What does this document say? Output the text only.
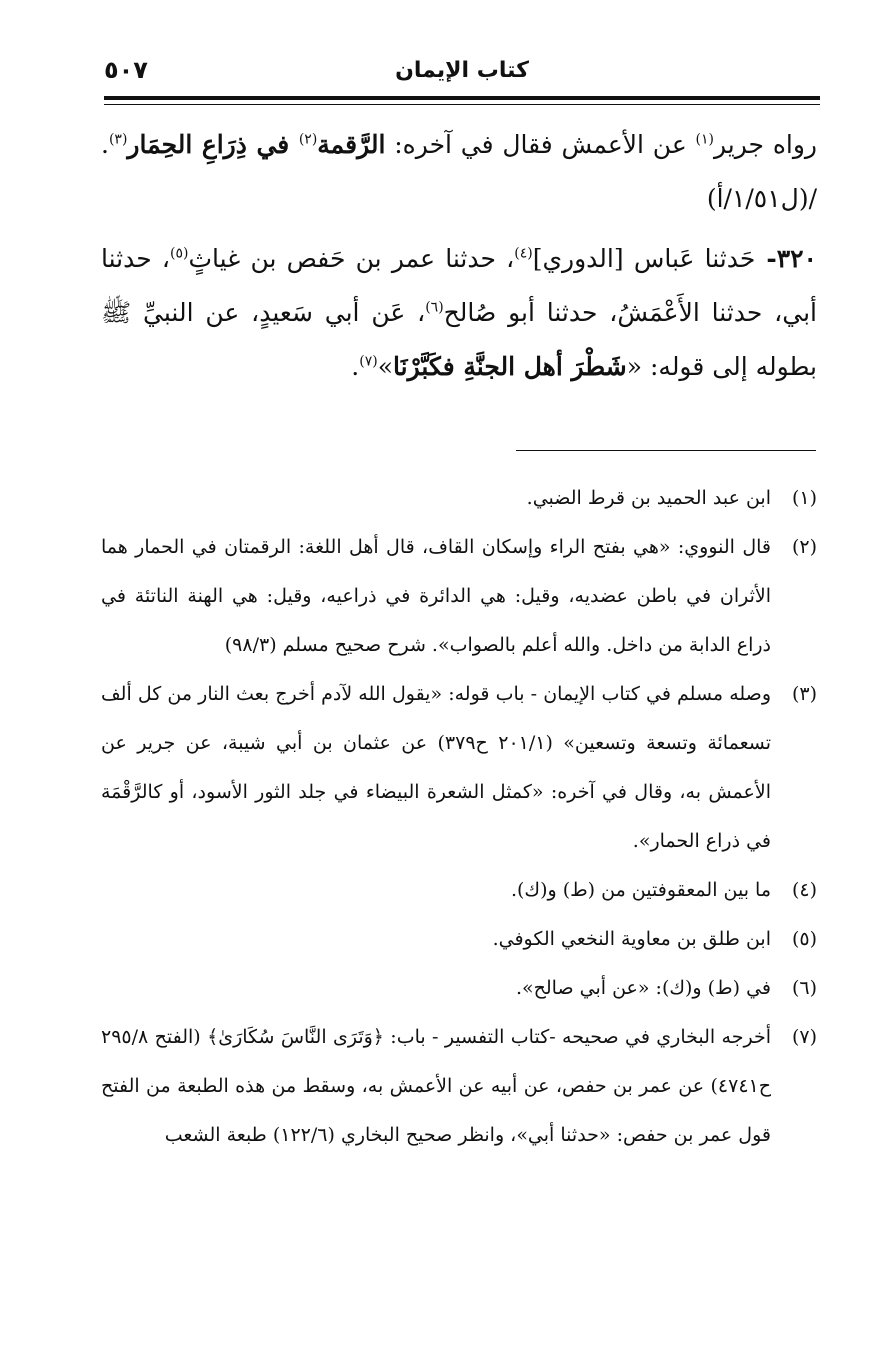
كتاب الإيمان
٥٠٧

رواه جرير$^{(١)}$ عن الأعمش فقال في آخره: الرَّقمة$^{(٢)}$ في ذِرَاعِ الحِمَار$^{(٣)}$. /(ل١/٥١/أ)

٣٢٠- حَدثنا عَباس [الدوري]$^{(٤)}$، حدثنا عمر بن حَفص بن غياثٍ$^{(٥)}$، حدثنا أبي، حدثنا الأَعْمَشُ، حدثنا أبو صُالح$^{(٦)}$، عَن أبي سَعيدٍ، عن النبيِّ ﷺ بطوله إلى قوله: «شَطْرَ أهل الجنَّةِ فكَبَّرْنَا»$^{(٧)}$.

(١)
ابن عبد الحميد بن قرط الضبي.
(٢)
قال النووي: «هي بفتح الراء وإسكان القاف، قال أهل اللغة: الرقمتان في الحمار هما الأثران في باطن عضديه، وقيل: هي الدائرة في ذراعيه، وقيل: هي الهنة الناتئة في ذراع الدابة من داخل. والله أعلم بالصواب». شرح صحيح مسلم (٩٨/٣)
(٣)
وصله مسلم في كتاب الإيمان - باب قوله: «يقول الله لآدم أخرج بعث النار من كل ألف تسعمائة وتسعة وتسعين» (٢٠١/١ ح٣٧٩) عن عثمان بن أبي شيبة، عن جرير عن الأعمش به، وقال في آخره: «كمثل الشعرة البيضاء في جلد الثور الأسود، أو كالرَّقْمَة في ذراع الحمار».
(٤)
ما بين المعقوفتين من (ط) و(ك).
(٥)
ابن طلق بن معاوية النخعي الكوفي.
(٦)
في (ط) و(ك): «عن أبي صالح».
(٧)
أخرجه البخاري في صحيحه -كتاب التفسير - باب: ﴿وَتَرَى النَّاسَ سُكَارَىٰ﴾ (الفتح ٢٩٥/٨ ح٤٧٤١) عن عمر بن حفص، عن أبيه عن الأعمش به، وسقط من هذه الطبعة من الفتح قول عمر بن حفص: «حدثنا أبي»، وانظر صحيح البخاري (١٢٢/٦) طبعة الشعب
